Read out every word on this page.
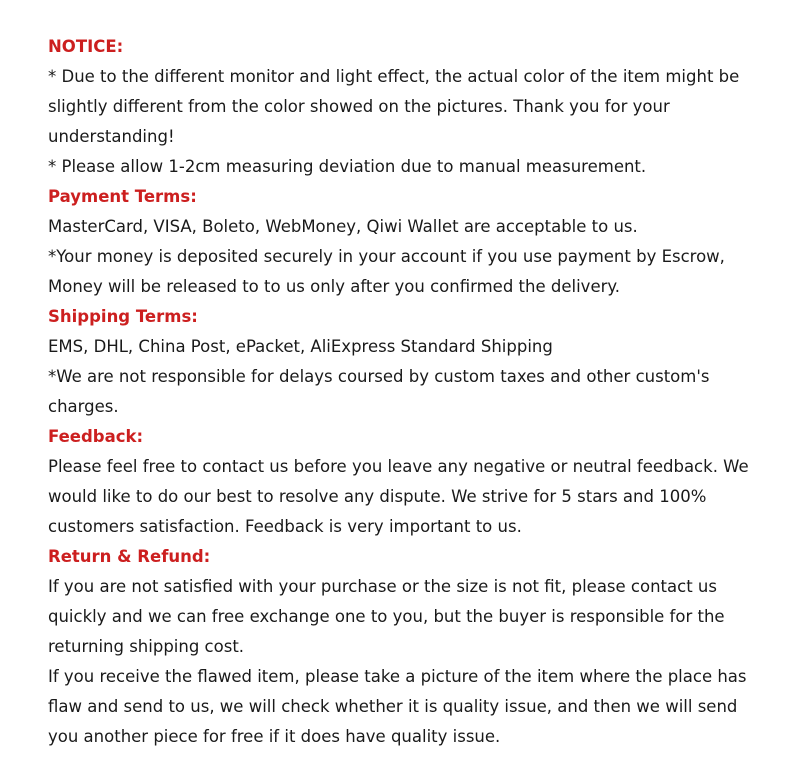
NOTICE:
* Due to the different monitor and light effect, the actual color of the item might be
slightly different from the color showed on the pictures. Thank you for your
understanding!
* Please allow 1-2cm measuring deviation due to manual measurement.
Payment Terms:
MasterCard, VISA, Boleto, WebMoney, Qiwi Wallet are acceptable to us.
*Your money is deposited securely in your account if you use payment by Escrow,
Money will be released to to us only after you confirmed the delivery.
Shipping Terms:
EMS, DHL, China Post, ePacket, AliExpress Standard Shipping
*We are not responsible for delays coursed by custom taxes and other custom's
charges.
Feedback:
Please feel free to contact us before you leave any negative or neutral feedback. We
would like to do our best to resolve any dispute. We strive for 5 stars and 100%
customers satisfaction. Feedback is very important to us.
Return & Refund:
If you are not satisfied with your purchase or the size is not fit, please contact us
quickly and we can free exchange one to you, but the buyer is responsible for the
returning shipping cost.
If you receive the flawed item, please take a picture of the item where the place has
flaw and send to us, we will check whether it is quality issue, and then we will send
you another piece for free if it does have quality issue.
